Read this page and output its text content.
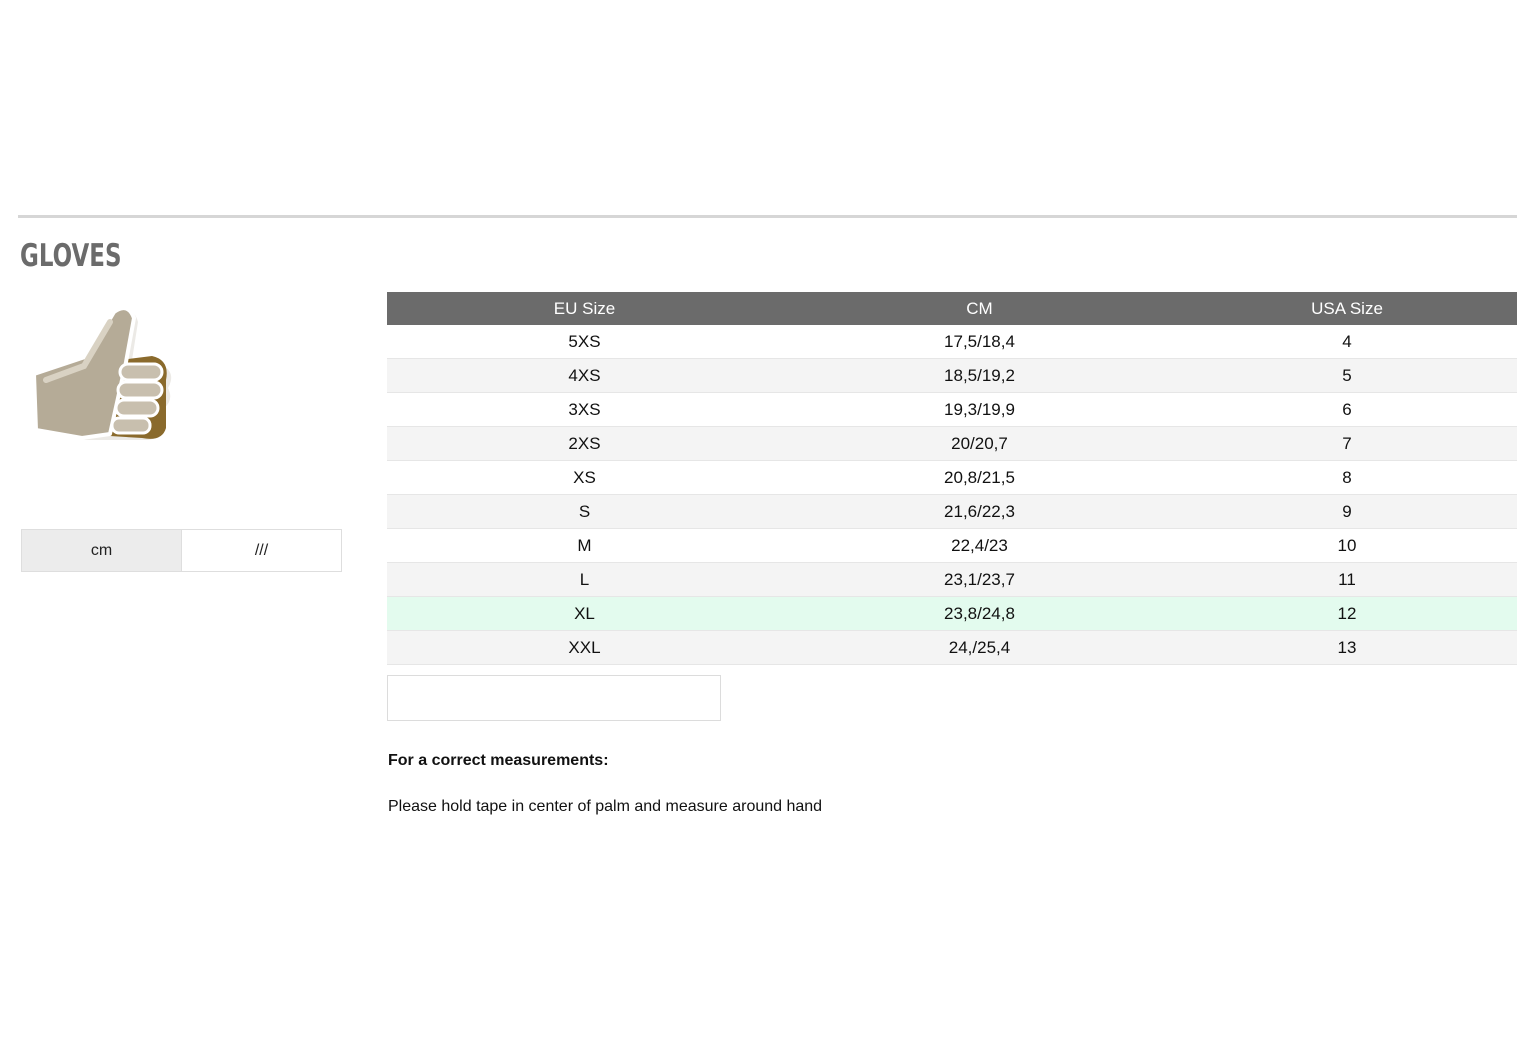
GLOVES
cm	///
EU Size	CM	USA Size
5XS	17,5/18,4	4
4XS	18,5/19,2	5
3XS	19,3/19,9	6
2XS	20/20,7	7
XS	20,8/21,5	8
S	21,6/22,3	9
M	22,4/23	10
L	23,1/23,7	11
XL	23,8/24,8	12
XXL	24,/25,4	13

For a correct measurements:

Please hold tape in center of palm and measure around hand
